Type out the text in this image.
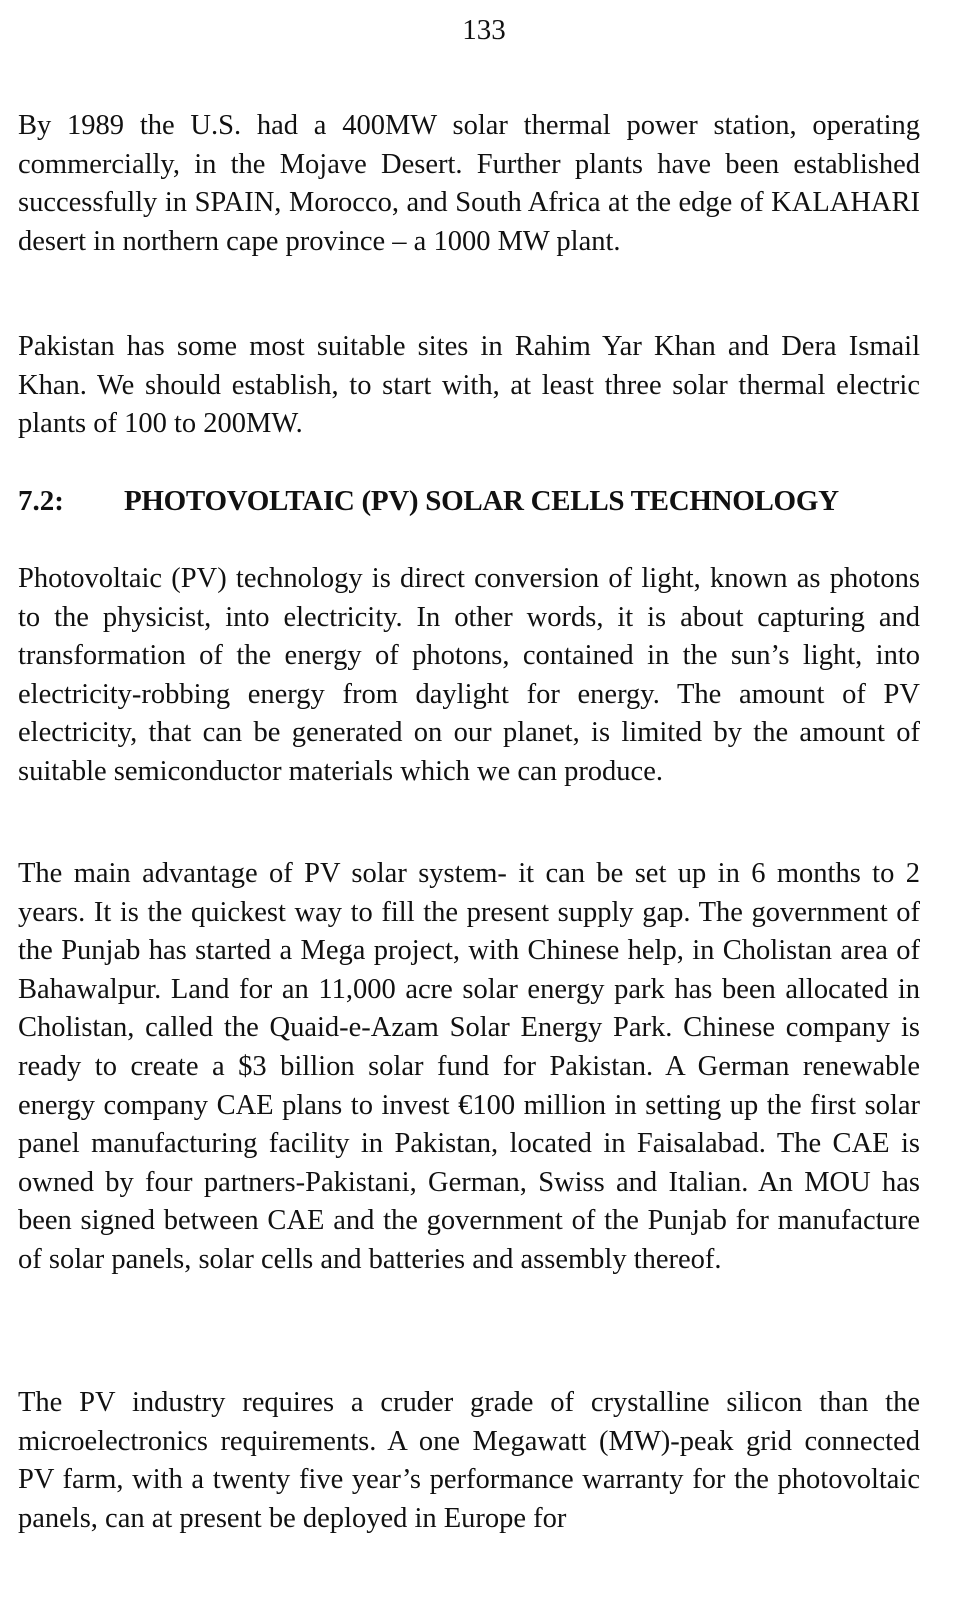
133

By 1989 the U.S. had a 400MW solar thermal power station, operating commercially, in the Mojave Desert. Further plants have been established successfully in SPAIN, Morocco, and South Africa at the edge of KALAHARI desert in northern cape province – a 1000 MW plant.

Pakistan has some most suitable sites in Rahim Yar Khan and Dera Ismail Khan. We should establish, to start with, at least three solar thermal electric plants of 100 to 200MW.

7.2: PHOTOVOLTAIC (PV) SOLAR CELLS TECHNOLOGY

Photovoltaic (PV) technology is direct conversion of light, known as photons to the physicist, into electricity. In other words, it is about capturing and transformation of the energy of photons, contained in the sun’s light, into electricity-robbing energy from daylight for energy. The amount of PV electricity, that can be generated on our planet, is limited by the amount of suitable semiconductor materials which we can produce.

The main advantage of PV solar system- it can be set up in 6 months to 2 years. It is the quickest way to fill the present supply gap. The government of the Punjab has started a Mega project, with Chinese help, in Cholistan area of Bahawalpur. Land for an 11,000 acre solar energy park has been allocated in Cholistan, called the Quaid-e-Azam Solar Energy Park. Chinese company is ready to create a $3 billion solar fund for Pakistan. A German renewable energy company CAE plans to invest €100 million in setting up the first solar panel manufacturing facility in Pakistan, located in Faisalabad. The CAE is owned by four partners-Pakistani, German, Swiss and Italian. An MOU has been signed between CAE and the government of the Punjab for manufacture of solar panels, solar cells and batteries and assembly thereof.

The PV industry requires a cruder grade of crystalline silicon than the microelectronics requirements. A one Megawatt (MW)-peak grid connected PV farm, with a twenty five year’s performance warranty for the photovoltaic panels, can at present be deployed in Europe for
